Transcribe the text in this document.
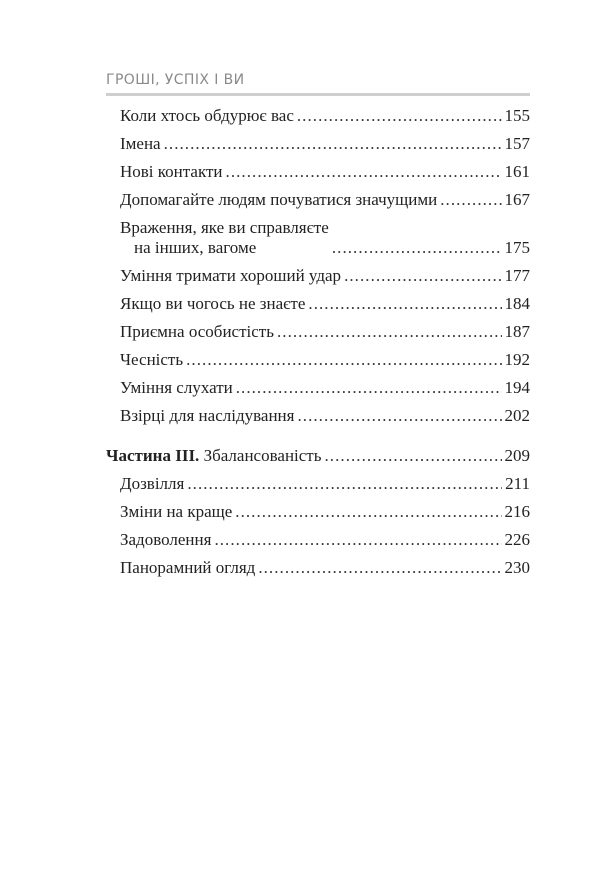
ГРОШІ, УСПІХ І ВИ
Коли хтось обдурює вас . . .	155
Імена . . .	157
Нові контакти . . .	161
Допомагайте людям почуватися значущими . . .	167
Враження, яке ви справляєте
на інших, вагоме . . .	175
Уміння тримати хороший удар . . .	177
Якщо ви чогось не знаєте . . .	184
Приємна особистість . . .	187
Чесність . . .	192
Уміння слухати . . .	194
Взірці для наслідування . . .	202
Частина III. Збалансованість . . .	209
Дозвілля . . .	211
Зміни на краще . . .	216
Задоволення . . .	226
Панорамний огляд . . .	230
